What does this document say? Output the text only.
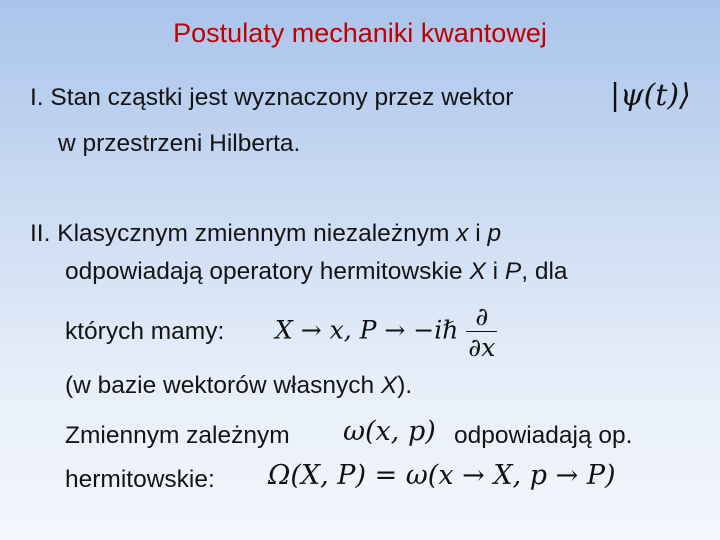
Postulaty mechaniki kwantowej
I. Stan cząstki jest wyznaczony przez wektor	|ψ(t)⟩
w przestrzeni Hilberta.
II. Klasycznym zmiennym niezależnym x i p
odpowiadają operatory hermitowskie X i P, dla
których mamy: X → x, P → −iℏ $\frac{\partial}{\partial x}$
(w bazie wektorów własnych X).
Zmiennym zależnym ω(x, p) odpowiadają op.
hermitowskie: Ω(X, P) = ω(x → X, p → P)
